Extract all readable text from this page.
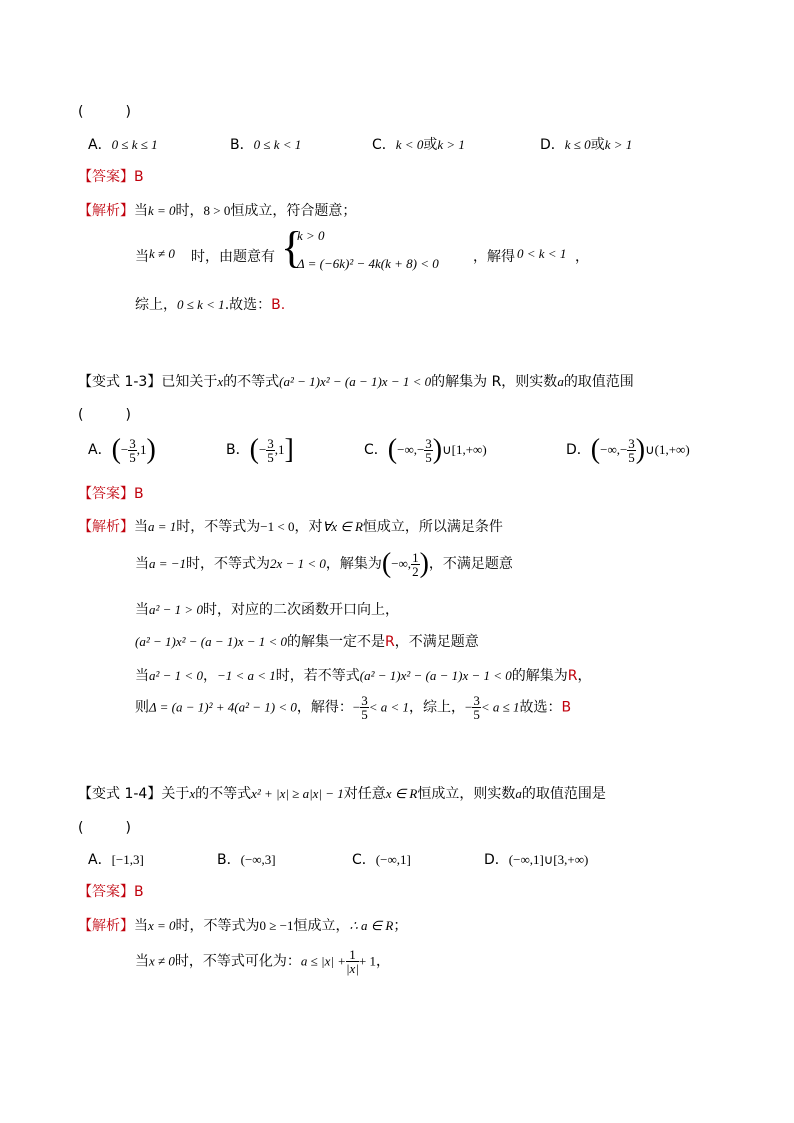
(　　　)
A．0 ≤ k ≤ 1	B．0 ≤ k < 1	C．k < 0或k > 1	D．k ≤ 0或k > 1
【答案】B
【解析】当k = 0时，8 > 0恒成立，符合题意；
当 k ≠ 0 时，由题意有 {
k > 0
Δ = (−6k)² − 4k(k + 8) < 0 ，解得 0 < k < 1 ，
综上，0 ≤ k < 1.故选：B.
【变式 1-3】已知关于x的不等式(a² − 1)x² − (a − 1)x − 1 < 0的解集为 R，则实数a的取值范围
(　　　)
A．(− $\frac{3}{5} ,1$)	B．(− $\frac{3}{5} ,1$]	C．(−∞,− $\frac{3}{5}$ )∪[1,+∞)	D．(−∞,− $\frac{3}{5}$ )∪(1,+∞)
【答案】B
【解析】当a = 1时，不等式为−1 < 0，对∀x ∈ R恒成立，所以满足条件
当a = −1时，不等式为2x − 1 < 0，解集为(−∞, $\frac{1}{2}$ )，不满足题意
当a² − 1 > 0时，对应的二次函数开口向上，
(a² − 1)x² − (a − 1)x − 1 < 0的解集一定不是R，不满足题意
当a² − 1 < 0，−1 < a < 1时，若不等式(a² − 1)x² − (a − 1)x − 1 < 0的解集为R，
则Δ = (a − 1)² + 4(a² − 1) < 0，解得：− $\frac{3}{5} < a < 1$，综上，− $\frac{3}{5} < a \le 1$故选：B
【变式 1-4】关于x的不等式x² + |x| ≥ a|x| − 1对任意x ∈ R恒成立，则实数a的取值范围是
(　　　)
A．[−1,3]	B．(−∞,3]	C．(−∞,1]	D．(−∞,1]∪[3,+∞)
【答案】B
【解析】当x = 0时，不等式为0 ≥ −1恒成立，∴ a ∈ R；
当x ≠ 0时，不等式可化为：$a \le |x| + \frac{1}{|x|} + 1$，
